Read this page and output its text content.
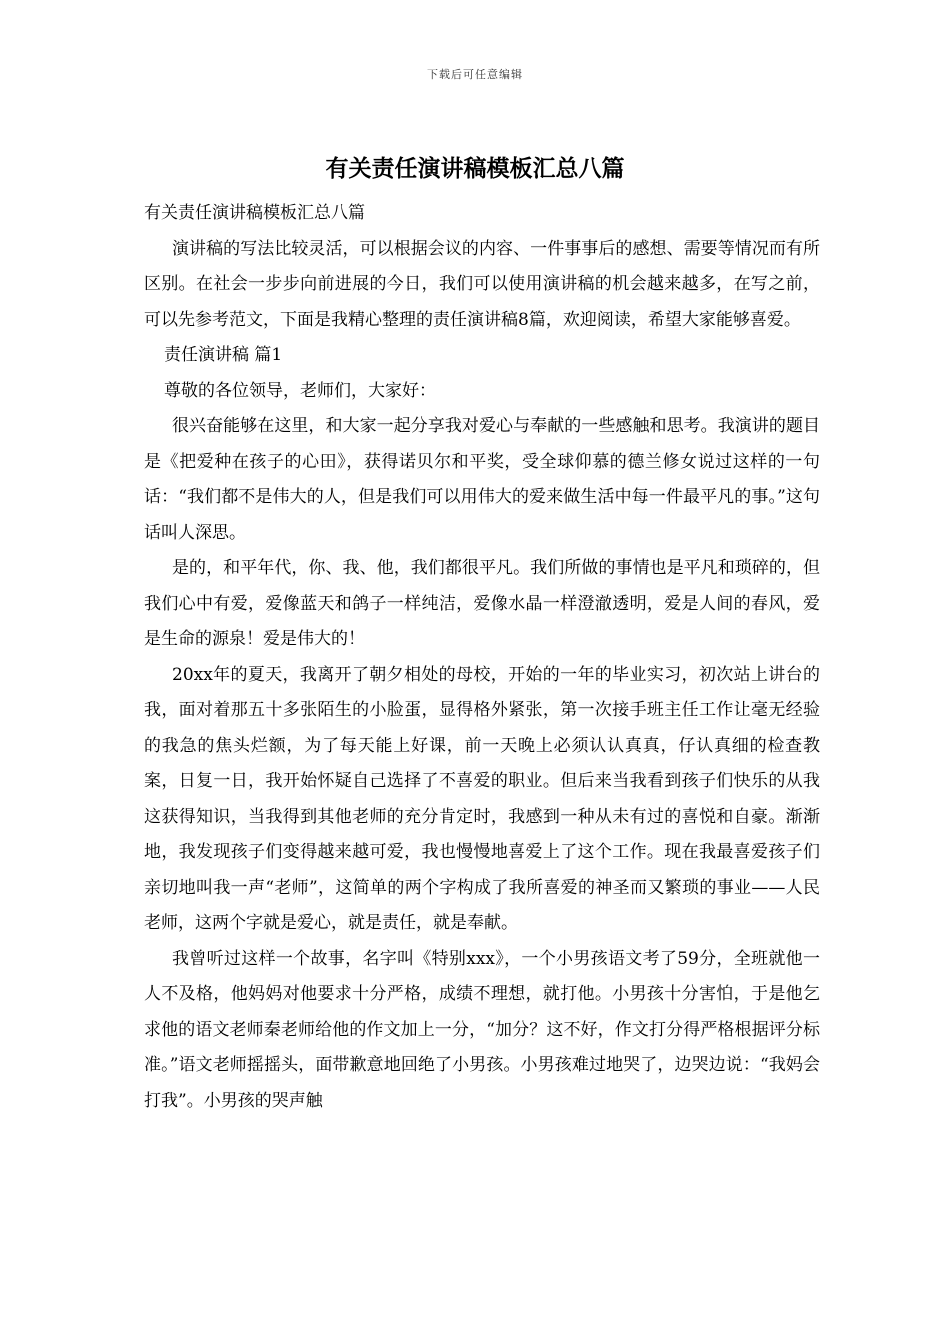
下载后可任意编辑
有关责任演讲稿模板汇总八篇

有关责任演讲稿模板汇总八篇

演讲稿的写法比较灵活，可以根据会议的内容、一件事事后的感想、需要等情况而有所区别。在社会一步步向前进展的今日，我们可以使用演讲稿的机会越来越多，在写之前，可以先参考范文，下面是我精心整理的责任演讲稿8篇，欢迎阅读，希望大家能够喜爱。

责任演讲稿 篇1

尊敬的各位领导，老师们，大家好：

很兴奋能够在这里，和大家一起分享我对爱心与奉献的一些感触和思考。我演讲的题目是《把爱种在孩子的心田》，获得诺贝尔和平奖，受全球仰慕的德兰修女说过这样的一句话：“我们都不是伟大的人，但是我们可以用伟大的爱来做生活中每一件最平凡的事。”这句话叫人深思。

是的，和平年代，你、我、他，我们都很平凡。我们所做的事情也是平凡和琐碎的，但我们心中有爱，爱像蓝天和鸽子一样纯洁，爱像水晶一样澄澈透明，爱是人间的春风，爱是生命的源泉！爱是伟大的！

20xx年的夏天，我离开了朝夕相处的母校，开始的一年的毕业实习，初次站上讲台的我，面对着那五十多张陌生的小脸蛋，显得格外紧张，第一次接手班主任工作让毫无经验的我急的焦头烂额，为了每天能上好课，前一天晚上必须认认真真，仔认真细的检查教案，日复一日，我开始怀疑自己选择了不喜爱的职业。但后来当我看到孩子们快乐的从我这获得知识，当我得到其他老师的充分肯定时，我感到一种从未有过的喜悦和自豪。渐渐地，我发现孩子们变得越来越可爱，我也慢慢地喜爱上了这个工作。现在我最喜爱孩子们亲切地叫我一声“老师”，这简单的两个字构成了我所喜爱的神圣而又繁琐的事业——人民老师，这两个字就是爱心，就是责任，就是奉献。

我曾听过这样一个故事，名字叫《特别xxx》，一个小男孩语文考了59分，全班就他一人不及格，他妈妈对他要求十分严格，成绩不理想，就打他。小男孩十分害怕，于是他乞求他的语文老师秦老师给他的作文加上一分，“加分？这不好，作文打分得严格根据评分标准。”语文老师摇摇头，面带歉意地回绝了小男孩。小男孩难过地哭了，边哭边说：“我妈会打我”。小男孩的哭声触
